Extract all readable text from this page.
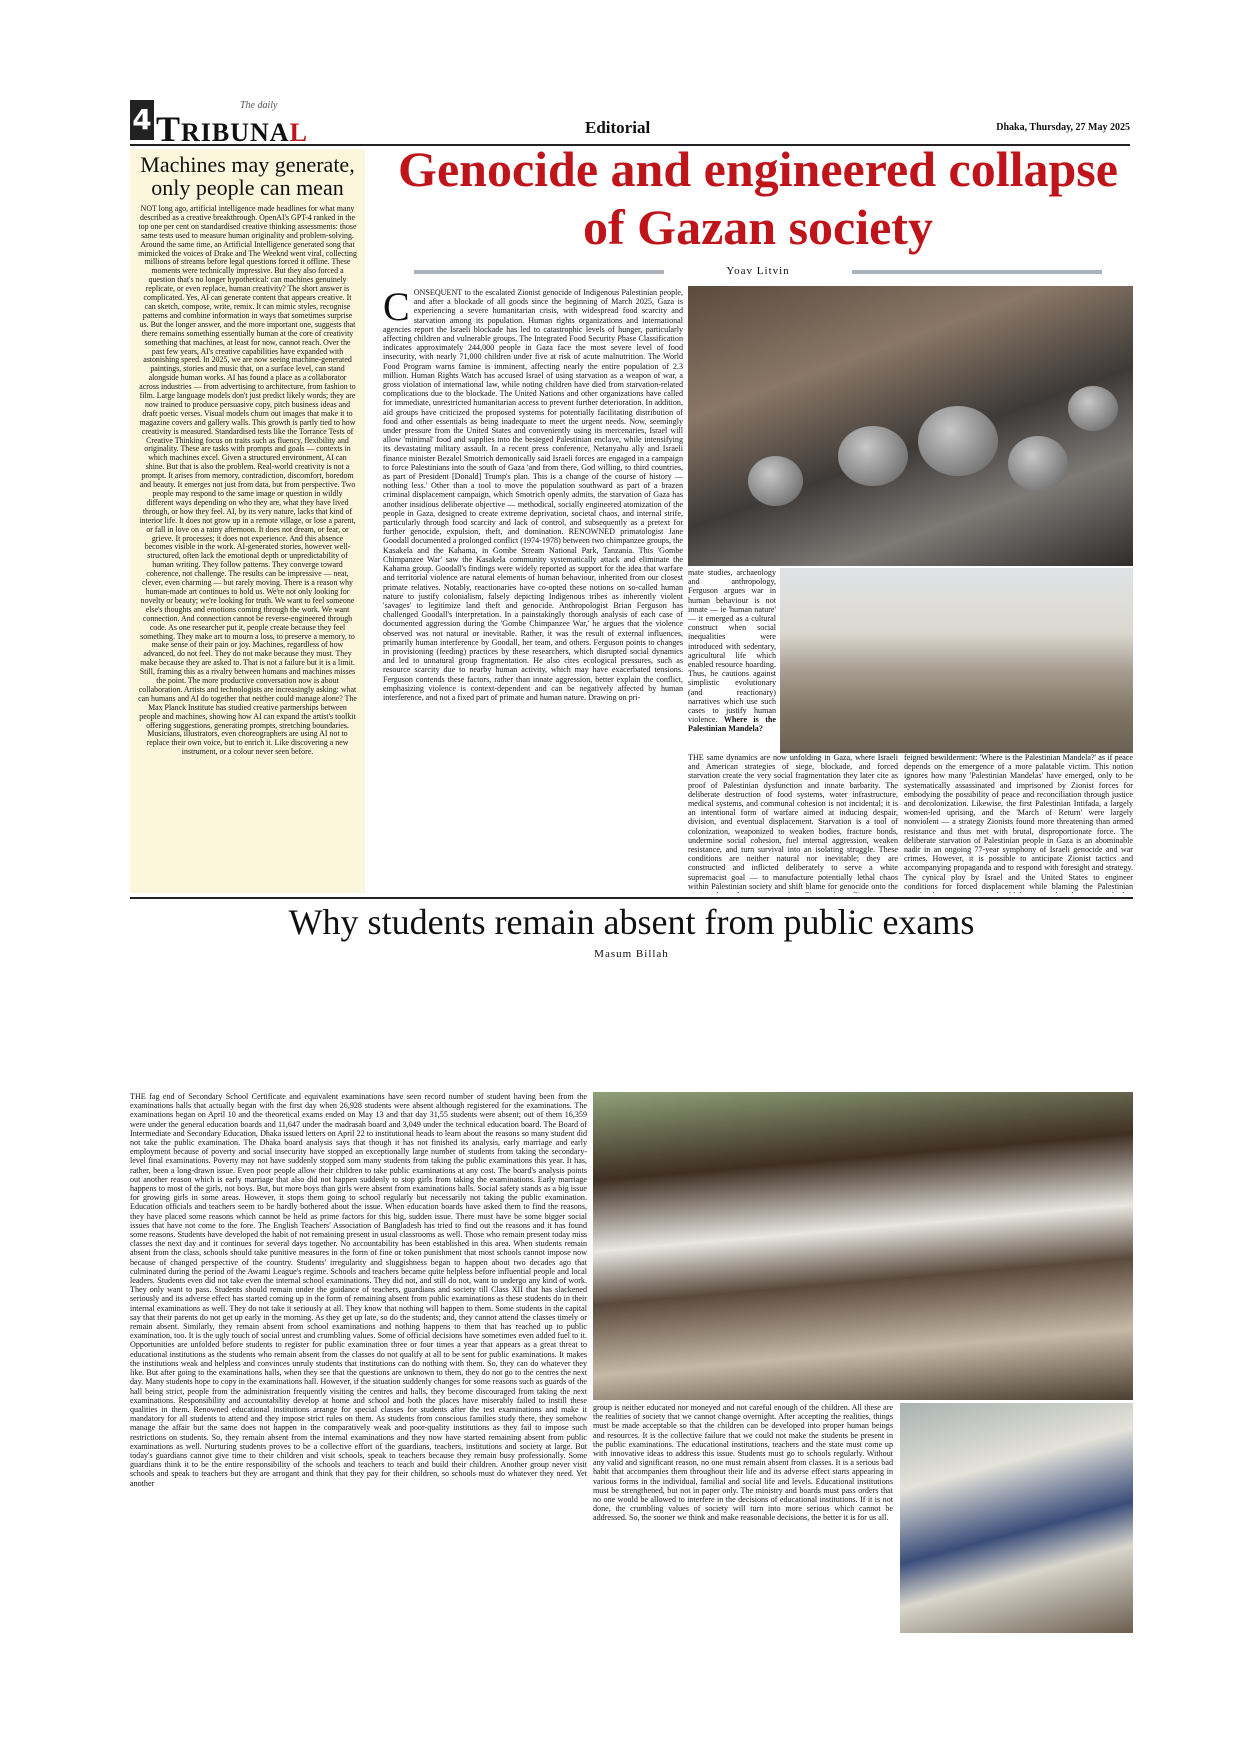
4	The daily
TRIBUNAL	Editorial	Dhaka, Thursday, 27 May 2025
Machines may generate, only people can mean

NOT long ago, artificial intelligence made headlines for what many described as a creative breakthrough. OpenAI's GPT-4 ranked in the top one per cent on standardised creative thinking assessments: those same tests used to measure human originality and problem-solving. Around the same time, an Artificial Intelligence generated song that mimicked the voices of Drake and The Weeknd went viral, collecting millions of streams before legal questions forced it offline. These moments were technically impressive. But they also forced a question that's no longer hypothetical: can machines genuinely replicate, or even replace, human creativity? The short answer is complicated. Yes, AI can generate content that appears creative. It can sketch, compose, write, remix. It can mimic styles, recognise patterns and combine information in ways that sometimes surprise us. But the longer answer, and the more important one, suggests that there remains something essentially human at the core of creativity something that machines, at least for now, cannot reach. Over the past few years, AI's creative capabilities have expanded with astonishing speed. In 2025, we are now seeing machine-generated paintings, stories and music that, on a surface level, can stand alongside human works. AI has found a place as a collaborator across industries — from advertising to architecture, from fashion to film. Large language models don't just predict likely words; they are now trained to produce persuasive copy, pitch business ideas and draft poetic verses. Visual models churn out images that make it to magazine covers and gallery walls. This growth is partly tied to how creativity is measured. Standardised tests like the Torrance Tests of Creative Thinking focus on traits such as fluency, flexibility and originality. These are tasks with prompts and goals — contexts in which machines excel. Given a structured environment, AI can shine. But that is also the problem. Real-world creativity is not a prompt. It arises from memory, contradiction, discomfort, boredom and beauty. It emerges not just from data, but from perspective. Two people may respond to the same image or question in wildly different ways depending on who they are, what they have lived through, or how they feel. AI, by its very nature, lacks that kind of interior life. It does not grow up in a remote village, or lose a parent, or fall in love on a rainy afternoon. It does not dream, or fear, or grieve. It processes; it does not experience. And this absence becomes visible in the work. AI-generated stories, however well-structured, often lack the emotional depth or unpredictability of human writing. They follow patterns. They converge toward coherence, not challenge. The results can be impressive — neat, clever, even charming — but rarely moving. There is a reason why human-made art continues to hold us. We're not only looking for novelty or beauty; we're looking for truth. We want to feel someone else's thoughts and emotions coming through the work. We want connection. And connection cannot be reverse-engineered through code. As one researcher put it, people create because they feel something. They make art to mourn a loss, to preserve a memory, to make sense of their pain or joy. Machines, regardless of how advanced, do not feel. They do not make because they must. They make because they are asked to. That is not a failure but it is a limit. Still, framing this as a rivalry between humans and machines misses the point. The more productive conversation now is about collaboration. Artists and technologists are increasingly asking: what can humans and AI do together that neither could manage alone? The Max Planck Institute has studied creative partnerships between people and machines, showing how AI can expand the artist's toolkit offering suggestions, generating prompts, stretching boundaries. Musicians, illustrators, even choreographers are using AI not to replace their own voice, but to enrich it. Like discovering a new instrument, or a colour never seen before.

Genocide and engineered collapse of Gazan society
Yoav Litvin
C ONSEQUENT to the escalated Zionist genocide of Indigenous Palestinian people, and after a blockade of all goods since the beginning of March 2025, Gaza is experiencing a severe humanitarian crisis, with widespread food scarcity and starvation among its population. Human rights organizations and international agencies report the Israeli blockade has led to catastrophic levels of hunger, particularly affecting children and vulnerable groups. The Integrated Food Security Phase Classification indicates approximately 244,000 people in Gaza face the most severe level of food insecurity, with nearly 71,000 children under five at risk of acute malnutrition. The World Food Program warns famine is imminent, affecting nearly the entire population of 2.3 million. Human Rights Watch has accused Israel of using starvation as a weapon of war, a gross violation of international law, while noting children have died from starvation-related complications due to the blockade. The United Nations and other organizations have called for immediate, unrestricted humanitarian access to prevent further deterioration. In addition, aid groups have criticized the proposed systems for potentially facilitating distribution of food and other essentials as being inadequate to meet the urgent needs. Now, seemingly under pressure from the United States and conveniently using its mercenaries, Israel will allow 'minimal' food and supplies into the besieged Palestinian enclave, while intensifying its devastating military assault. In a recent press conference, Netanyahu ally and Israeli finance minister Bezalel Smotrich demonically said Israeli forces are engaged in a campaign to force Palestinians into the south of Gaza 'and from there, God willing, to third countries, as part of President [Donald] Trump's plan. This is a change of the course of history — nothing less.' Other than a tool to move the population southward as part of a brazen criminal displacement campaign, which Smotrich openly admits, the starvation of Gaza has another insidious deliberate objective — methodical, socially engineered atomization of the people in Gaza, designed to create extreme deprivation, societal chaos, and internal strife, particularly through food scarcity and lack of control, and subsequently as a pretext for further genocide, expulsion, theft, and domination. RENOWNED primatologist Jane Goodall documented a prolonged conflict (1974-1978) between two chimpanzee groups, the Kasakela and the Kahama, in Gombe Stream National Park, Tanzania. This 'Gombe Chimpanzee War' saw the Kasakela community systematically attack and eliminate the Kahama group. Goodall's findings were widely reported as support for the idea that warfare and territorial violence are natural elements of human behaviour, inherited from our closest primate relatives. Notably, reactionaries have co-opted these notions on so-called human nature to justify colonialism, falsely depicting Indigenous tribes as inherently violent 'savages' to legitimize land theft and genocide. Anthropologist Brian Ferguson has challenged Goodall's interpretation. In a painstakingly thorough analysis of each case of documented aggression during the 'Gombe Chimpanzee War,' he argues that the violence observed was not natural or inevitable. Rather, it was the result of external influences, primarily human interference by Goodall, her team, and others. Ferguson points to changes in provisioning (feeding) practices by these researchers, which disrupted social dynamics and led to unnatural group fragmentation. He also cites ecological pressures, such as resource scarcity due to nearby human activity, which may have exacerbated tensions. Ferguson contends these factors, rather than innate aggression, better explain the conflict, emphasizing violence is context-dependent and can be negatively affected by human interference, and not a fixed part of primate and human nature. Drawing on pri-

mate studies, archaeology and anthropology, Ferguson argues war in human behaviour is not innate — ie 'human nature' — it emerged as a cultural construct when social inequalities were introduced with sedentary, agricultural life which enabled resource hoarding. Thus, he cautions against simplistic evolutionary (and reactionary) narratives which use such cases to justify human violence. Where is the Palestinian Mandela?

THE same dynamics are now unfolding in Gaza, where Israeli and American strategies of siege, blockade, and forced starvation create the very social fragmentation they later cite as proof of Palestinian dysfunction and innate barbarity. The deliberate destruction of food systems, water infrastructure, medical systems, and communal cohesion is not incidental; it is an intentional form of warfare aimed at inducing despair, division, and eventual displacement. Starvation is a tool of colonization, weaponized to weaken bodies, fracture bonds, undermine social cohesion, fuel internal aggression, weaken resistance, and turn survival into an isolating struggle. These conditions are neither natural nor inevitable; they are constructed and inflicted deliberately to serve a white supremacist goal — to manufacture potentially lethal chaos within Palestinian society and shift blame for genocide onto the

feigned bewilderment: 'Where is the Palestinian Mandela?' as if peace depends on the emergence of a more palatable victim. This notion ignores how many 'Palestinian Mandelas' have emerged, only to be systematically assassinated and imprisoned by Zionist forces for embodying the possibility of peace and reconciliation through justice and decolonization. Likewise, the first Palestinian Intifada, a largely women-led uprising, and the 'March of Return' were largely nonviolent — a strategy Zionists found more threatening than armed resistance and thus met with brutal, disproportionate force. The deliberate starvation of Palestinian people in Gaza is an abominable nadir in an ongoing 77-year symphony of Israeli genocide and war crimes. However, it is possible to anticipate Zionist tactics and accompanying propaganda and to respond with foresight and strategy. The cynical ploy by Israel and the United States to engineer conditions for forced displacement while blaming the Palestinian

Why students remain absent from public exams
Masum Billah

THE fag end of Secondary School Certificate and equivalent examinations have seen record number of student having been from the examinations halls that actually began with the first day when 26,928 students were absent although registered for the examinations. The examinations began on April 10 and the theoretical exams ended on May 13 and that day 31,55 students were absent; out of them 16,359 were under the general education boards and 11,647 under the madrasah board and 3,049 under the technical education board. The Board of Intermediate and Secondary Education, Dhaka issued letters on April 22 to institutional heads to learn about the reasons so many student did not take the public examination. The Dhaka board analysis says that though it has not finished its analysis, early marriage and early employment because of poverty and social insecurity have stopped an exceptionally large number of students from taking the secondary-level final examinations. Poverty may not have suddenly stopped som many students from taking the public examinations this year. It has, rather, been a long-drawn issue. Even poor people allow their children to take public examinations at any cost. The board's analysis points out another reason which is early marriage that also did not happen suddenly to stop girls from taking the examinations. Early marriage happens to most of the girls, not boys. But, but more boys than girls were absent from examinations halls. Social safety stands as a big issue for growing girls in some areas. However, it stops them going to school regularly but necessarily not taking the public examination. Education officials and teachers seem to be hardly bothered about the issue. When education boards have asked them to find the reasons, they have placed some reasons which cannot be held as prime factors for this big, sudden issue. There must have be some bigger social issues that have not come to the fore. The English Teachers' Association of Bangladesh has tried to find out the reasons and it has found some reasons. Students have developed the habit of not remaining present in usual classrooms as well. Those who remain present today miss classes the next day and it continues for several days together. No accountability has been established in this area. When students remain absent from the class, schools should take punitive measures in the form of fine or token punishment that most schools cannot impose now because of changed perspective of the country. Students' irregularity and sluggishness began to happen about two decades ago that culminated during the period of the Awami League's regime. Schools and teachers became quite helpless before influential people and local leaders. Students even did not take even the internal school examinations. They did not, and still do not, want to undergo any kind of work. They only want to pass. Students should remain under the guidance of teachers, guardians and society till Class XII that has slackened seriously and its adverse effect has started coming up in the form of remaining absent from public examinations as these students do in their internal examinations as well. They do not take it seriously at all. They know that nothing will happen to them. Some students in the capital say that their parents do not get up early in the morning. As they get up late, so do the students; and, they cannot attend the classes timely or remain absent. Similarly, they remain absent from school examinations and nothing happens to them that has reached up to public examination, too. It is the ugly touch of social unrest and crumbling values. Some of official decisions have sometimes even added fuel to it. Opportunities are unfolded before students to register for public examination three or four times a year that appears as a great threat to educational institutions as the students who remain absent from the classes do not qualify at all to be sent for public examinations. It makes the institutions weak and helpless and convinces unruly students that institutions can do nothing with them. So, they can do whatever they like. But after going to the examinations halls, when they see that the questions are unknown to them, they do not go to the centres the next day. Many students hope to copy in the examinations hall. However, if the situation suddenly changes for some reasons such as guards of the hall being strict, people from the administration frequently visiting the centres and halls, they become discouraged from taking the next examinations. Responsibility and accountability develop at home and school and both the places have miserably failed to instill these qualities in them. Renowned educational institutions arrange for special classes for students after the test examinations and make it mandatory for all students to attend and they impose strict rules on them. As students from conscious families study there, they somehow manage the affair but the same does not happen in the comparatively weak and poor-quality institutions as they fail to impose such restrictions on students. So, they remain absent from the internal examinations and they now have started remaining absent from public examinations as well. Nurturing students proves to be a collective effort of the guardians, teachers, institutions and society at large. But today's guardians cannot give time to their children and visit schools, speak to teachers because they remain busy professionally. Some guardians think it to be the entire responsibility of the schools and teachers to teach and build their children. Another group never visit schools and speak to teachers but they are arrogant and think that they pay for their children, so schools must do whatever they need. Yet another

group is neither educated nor moneyed and not careful enough of the children. All these are the realities of society that we cannot change overnight. After accepting the realities, things must be made acceptable so that the children can be developed into proper human beings and resources. It is the collective failure that we could not make the students be present in the public examinations. The educational institutions, teachers and the state must come up with innovative ideas to address this issue. Students must go to schools regularly. Without any valid and significant reason, no one must remain absent from classes. It is a serious bad habit that accompanies them throughout their life and its adverse effect starts appearing in various forms in the individual, familial and social life and levels. Educational institutions must be strengthened, but not in paper only. The ministry and boards must pass orders that no one would be allowed to interfere in the decisions of educational institutions. If it is not done, the crumbling values of society will turn into more serious which cannot be addressed. So, the sooner we think and make reasonable decisions, the better it is for us all.
